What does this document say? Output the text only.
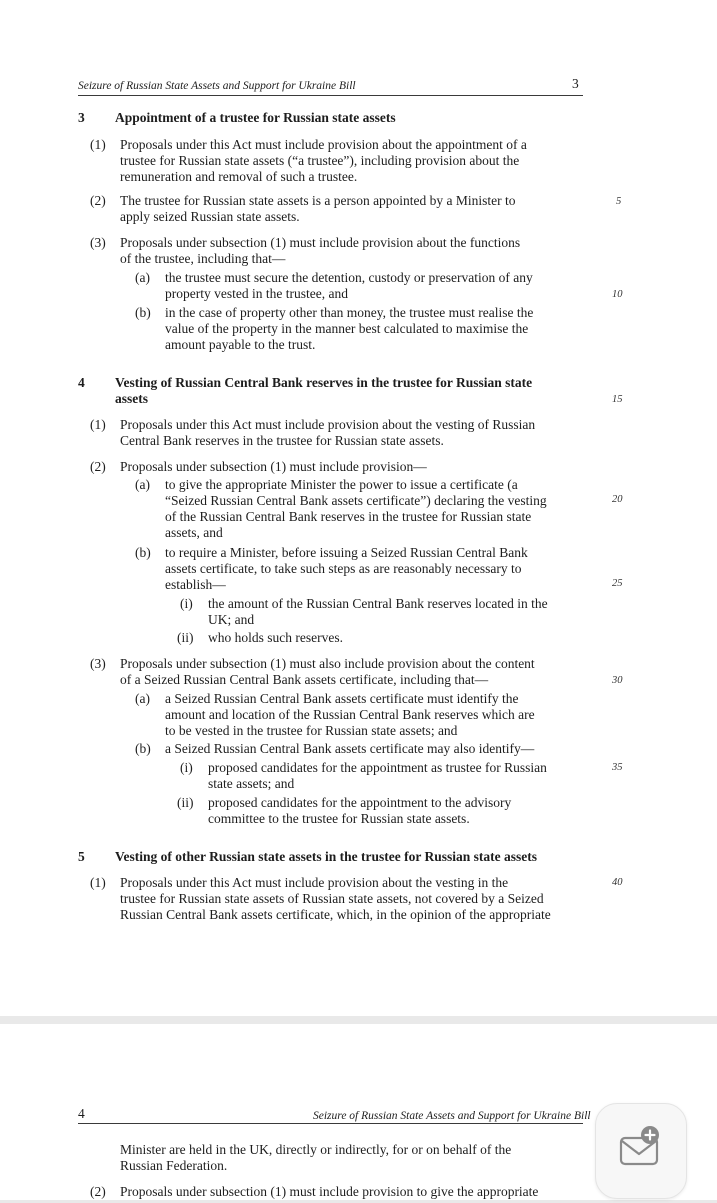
Seizure of Russian State Assets and Support for Ukraine Bill	3
3 Appointment of a trustee for Russian state assets
(1) Proposals under this Act must include provision about the appointment of a
trustee for Russian state assets (“a trustee”), including provision about the
remuneration and removal of such a trustee.
(2) The trustee for Russian state assets is a person appointed by a Minister to
apply seized Russian state assets.
(3) Proposals under subsection (1) must include provision about the functions
of the trustee, including that—
(a) the trustee must secure the detention, custody or preservation of any
property vested in the trustee, and
(b) in the case of property other than money, the trustee must realise the
value of the property in the manner best calculated to maximise the
amount payable to the trust.
4 Vesting of Russian Central Bank reserves in the trustee for Russian state
assets
(1) Proposals under this Act must include provision about the vesting of Russian
Central Bank reserves in the trustee for Russian state assets.
(2) Proposals under subsection (1) must include provision—
(a) to give the appropriate Minister the power to issue a certificate (a
“Seized Russian Central Bank assets certificate”) declaring the vesting
of the Russian Central Bank reserves in the trustee for Russian state
assets, and
(b) to require a Minister, before issuing a Seized Russian Central Bank
assets certificate, to take such steps as are reasonably necessary to
establish—
(i) the amount of the Russian Central Bank reserves located in the
UK; and
(ii) who holds such reserves.
(3) Proposals under subsection (1) must also include provision about the content
of a Seized Russian Central Bank assets certificate, including that—
(a) a Seized Russian Central Bank assets certificate must identify the
amount and location of the Russian Central Bank reserves which are
to be vested in the trustee for Russian state assets; and
(b) a Seized Russian Central Bank assets certificate may also identify—
(i) proposed candidates for the appointment as trustee for Russian
state assets; and
(ii) proposed candidates for the appointment to the advisory
committee to the trustee for Russian state assets.
5 Vesting of other Russian state assets in the trustee for Russian state assets
(1) Proposals under this Act must include provision about the vesting in the
trustee for Russian state assets of Russian state assets, not covered by a Seized
Russian Central Bank assets certificate, which, in the opinion of the appropriate
5
10
15
20
25
30
35
40
4	Seizure of Russian State Assets and Support for Ukraine Bill
Minister are held in the UK, directly or indirectly, for or on behalf of the
Russian Federation.
(2) Proposals under subsection (1) must include provision to give the appropriate
